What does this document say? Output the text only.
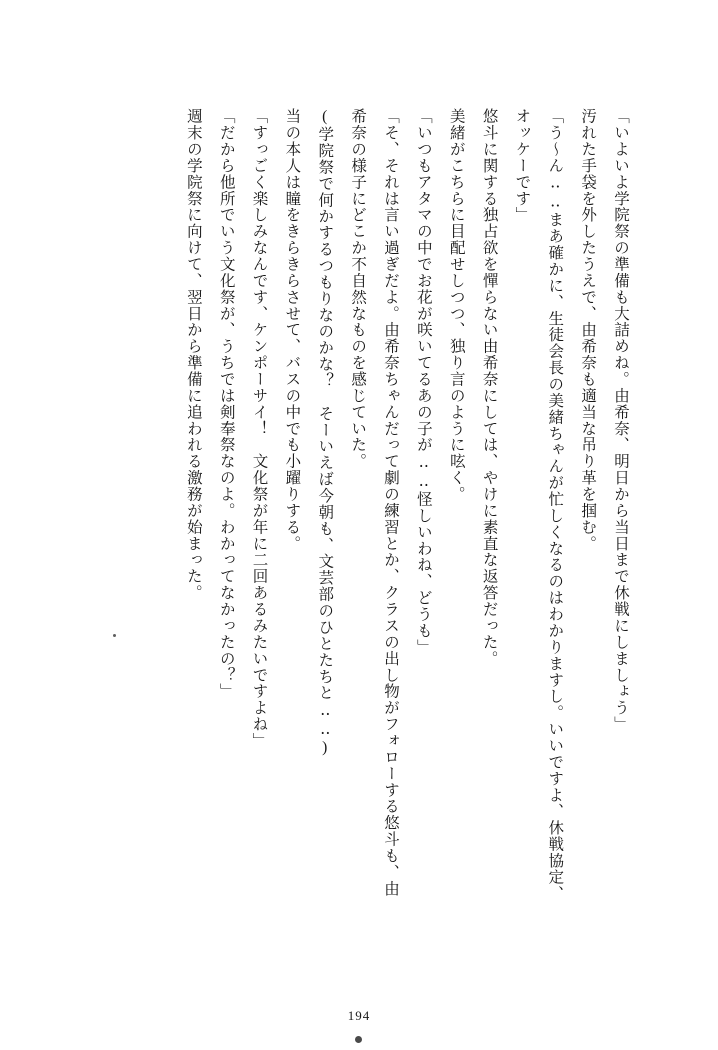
「いよいよ学院祭の準備も大詰めね。由希奈、明日から当日まで休戦にしましょう」

汚れた手袋を外したうえで、由希奈も適当な吊り革を掴む。

「う〜ん‥‥まあ確かに、生徒会長の美緒ちゃんが忙しくなるのはわかりますし。いいですよ、休戦協定、オッケーです」

悠斗に関する独占欲を憚らない由希奈にしては、やけに素直な返答だった。

美緒がこちらに目配せしつつ、独り言のように呟く。

「いつもアタマの中でお花が咲いてるあの子が‥‥怪しいわね、どうも」

「そ、それは言い過ぎだよ。由希奈ちゃんだって劇の練習とか、クラスの出し物がフォローする悠斗も、由希奈の様子にどこか不自然なものを感じていた。

(学院祭で何かするつもりなのかな？　そーいえば今朝も、文芸部のひとたちと‥‥)

当の本人は瞳をきらきらさせて、バスの中でも小躍りする。

「すっごく楽しみなんです、ケンポーサイ！　文化祭が年に二回あるみたいですよね」

「だから他所でいう文化祭が、うちでは剣奉祭なのよ。わかってなかったの？」

週末の学院祭に向けて、翌日から準備に追われる激務が始まった。

194
